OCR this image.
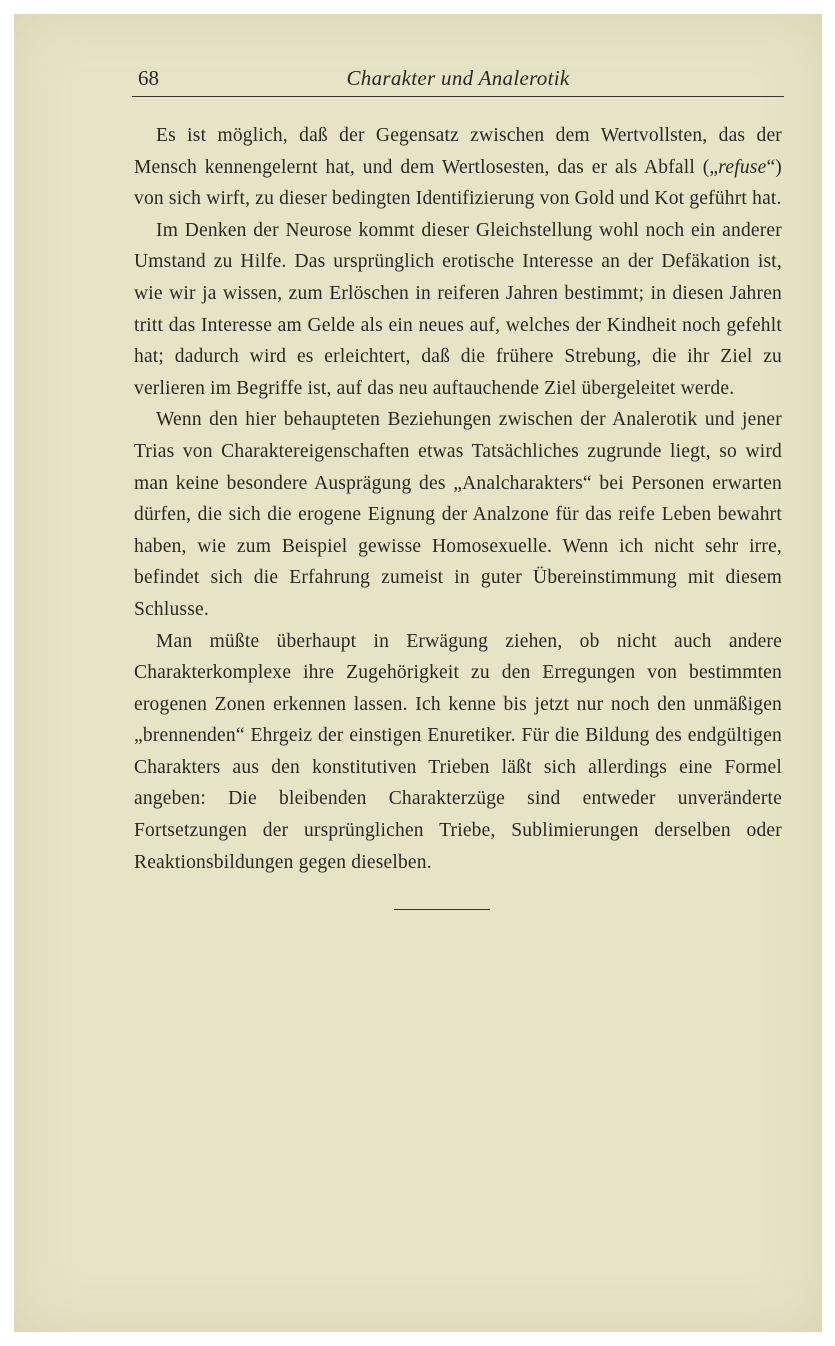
68	Charakter und Analerotik

Es ist möglich, daß der Gegensatz zwischen dem Wertvollsten, das der Mensch kennengelernt hat, und dem Wertlosesten, das er als Abfall („refuse“) von sich wirft, zu dieser bedingten Identifizierung von Gold und Kot geführt hat.

Im Denken der Neurose kommt dieser Gleichstellung wohl noch ein anderer Umstand zu Hilfe. Das ursprünglich erotische Interesse an der Defäkation ist, wie wir ja wissen, zum Erlöschen in reiferen Jahren bestimmt; in diesen Jahren tritt das Interesse am Gelde als ein neues auf, welches der Kindheit noch gefehlt hat; dadurch wird es erleichtert, daß die frühere Strebung, die ihr Ziel zu verlieren im Begriffe ist, auf das neu auftauchende Ziel übergeleitet werde.

Wenn den hier behaupteten Beziehungen zwischen der Analerotik und jener Trias von Charaktereigenschaften etwas Tatsächliches zugrunde liegt, so wird man keine besondere Ausprägung des „Analcharakters“ bei Personen erwarten dürfen, die sich die erogene Eignung der Analzone für das reife Leben bewahrt haben, wie zum Beispiel gewisse Homosexuelle. Wenn ich nicht sehr irre, befindet sich die Erfahrung zumeist in guter Übereinstimmung mit diesem Schlusse.

Man müßte überhaupt in Erwägung ziehen, ob nicht auch andere Charakterkomplexe ihre Zugehörigkeit zu den Erregungen von bestimmten erogenen Zonen erkennen lassen. Ich kenne bis jetzt nur noch den unmäßigen „brennenden“ Ehrgeiz der einstigen Enuretiker. Für die Bildung des endgültigen Charakters aus den konstitutiven Trieben läßt sich allerdings eine Formel angeben: Die bleibenden Charakterzüge sind entweder unveränderte Fortsetzungen der ursprünglichen Triebe, Sublimierungen derselben oder Reaktionsbildungen gegen dieselben.
